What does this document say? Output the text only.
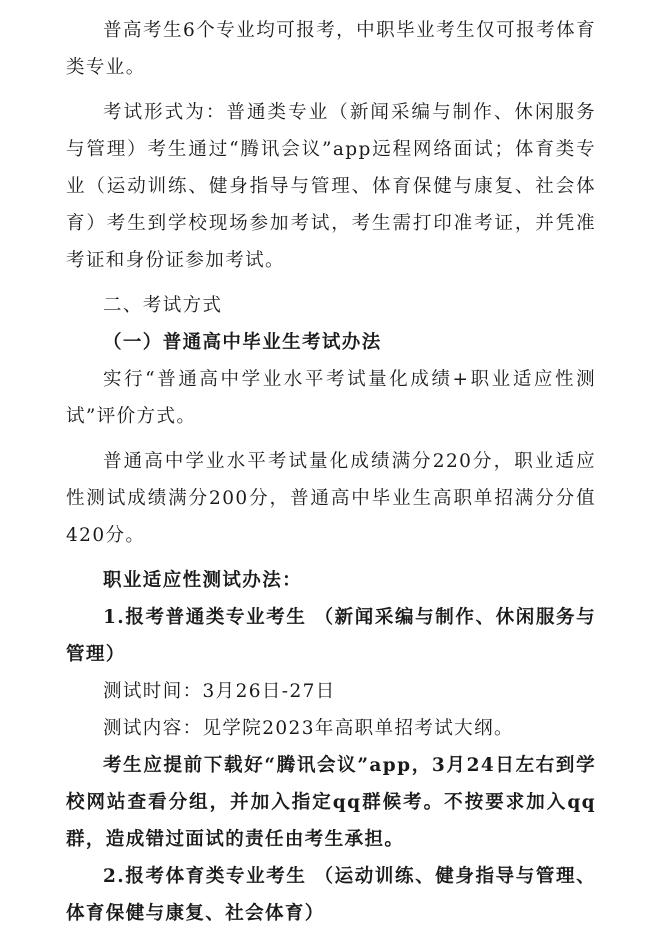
普高考生6个专业均可报考，中职毕业考生仅可报考体育类专业。

考试形式为：普通类专业（新闻采编与制作、休闲服务与管理）考生通过“腾讯会议”app远程网络面试；体育类专业（运动训练、健身指导与管理、体育保健与康复、社会体育）考生到学校现场参加考试，考生需打印准考证，并凭准考证和身份证参加考试。

二、考试方式

（一）普通高中毕业生考试办法

实行“普通高中学业水平考试量化成绩+职业适应性测试”评价方式。

普通高中学业水平考试量化成绩满分220分，职业适应性测试成绩满分200分，普通高中毕业生高职单招满分分值420分。

职业适应性测试办法：

1.报考普通类专业考生 （新闻采编与制作、休闲服务与管理）

测试时间：3月26日-27日

测试内容：见学院2023年高职单招考试大纲。

考生应提前下载好“腾讯会议”app，3月24日左右到学校网站查看分组，并加入指定qq群候考。不按要求加入qq群，造成错过面试的责任由考生承担。

2.报考体育类专业考生 （运动训练、健身指导与管理、体育保健与康复、社会体育）
